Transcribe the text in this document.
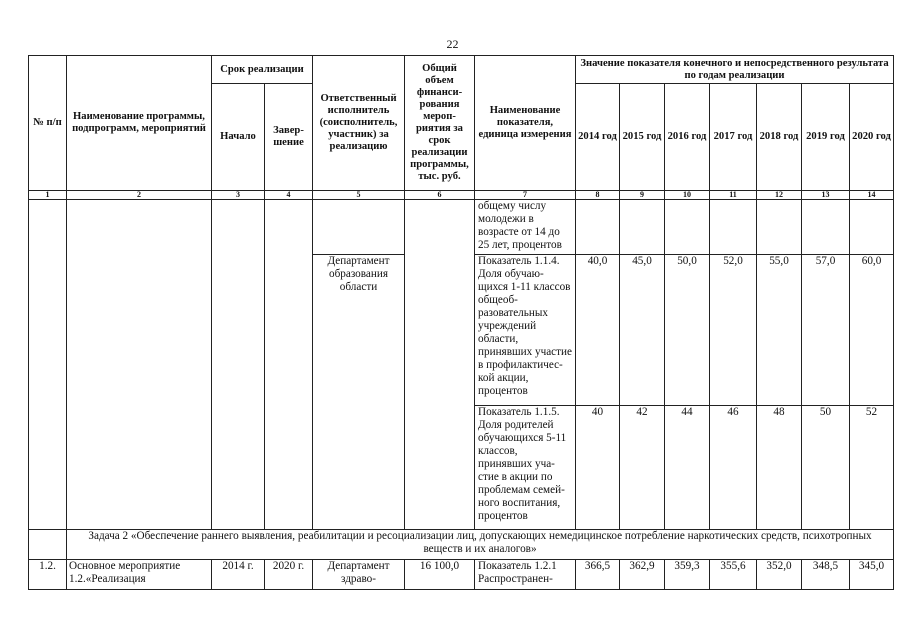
22
№ п/п	Наименование программы, подпрограмм, мероприятий	Срок реализации		Ответственный исполнитель (соисполнитель, участник) за реализацию	Общий объем финанси-рования мероп-риятия за срок реализации программы, тыс. руб.	Наименование показателя, единица измерения	Значение показателя конечного и непосредственного результата по годам реализации						
		Начало	Завер-шение				2014 год	2015 год	2016 год	2017 год	2018 год	2019 год	2020 год
1	2	3	4	5	6	7	8	9	10	11	12	13	14
						общему числу молодежи в возрасте от 14 до 25 лет, процентов							
				Департамент образования области		Показатель 1.1.4. Доля обучаю-щихся 1-11 классов общеоб-разовательных учреждений области, принявших участие в профилактичес-кой акции, процентов	40,0	45,0	50,0	52,0	55,0	57,0	60,0
						Показатель 1.1.5. Доля родителей обучающихся 5-11 классов, принявших уча-стие в акции по проблемам семей-ного воспитания, процентов	40	42	44	46	48	50	52
	Задача 2 «Обеспечение раннего выявления, реабилитации и ресоциализации лиц, допускающих немедицинское потребление наркотических средств, психотропных веществ и их аналогов»												
1.2.	Основное мероприятие 1.2.«Реализация	2014 г.	2020 г.	Департамент здраво-	16 100,0	Показатель 1.2.1 Распространен-	366,5	362,9	359,3	355,6	352,0	348,5	345,0
